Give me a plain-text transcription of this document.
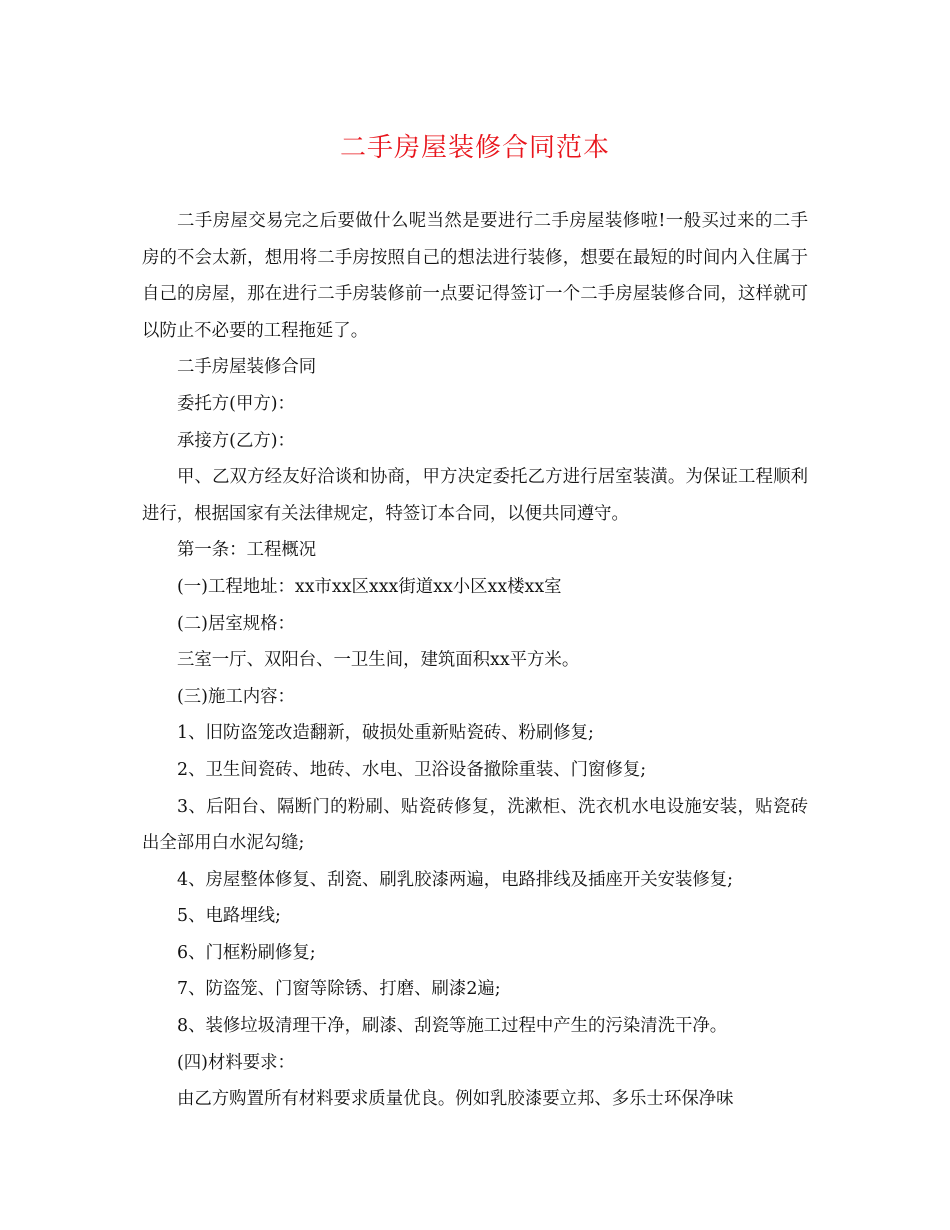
二手房屋装修合同范本

二手房屋交易完之后要做什么呢当然是要进行二手房屋装修啦!一般买过来的二手房的不会太新，想用将二手房按照自己的想法进行装修，想要在最短的时间内入住属于自己的房屋，那在进行二手房装修前一点要记得签订一个二手房屋装修合同，这样就可以防止不必要的工程拖延了。

二手房屋装修合同

委托方(甲方)：

承接方(乙方)：

甲、乙双方经友好洽谈和协商，甲方决定委托乙方进行居室装潢。为保证工程顺利进行，根据国家有关法律规定，特签订本合同，以便共同遵守。

第一条：工程概况

(一)工程地址：xx市xx区xxx街道xx小区xx楼xx室

(二)居室规格：

三室一厅、双阳台、一卫生间，建筑面积xx平方米。

(三)施工内容：

1、旧防盗笼改造翻新，破损处重新贴瓷砖、粉刷修复;

2、卫生间瓷砖、地砖、水电、卫浴设备撤除重装、门窗修复;

3、后阳台、隔断门的粉刷、贴瓷砖修复，洗漱柜、洗衣机水电设施安装，贴瓷砖出全部用白水泥勾缝;

4、房屋整体修复、刮瓷、刷乳胶漆两遍，电路排线及插座开关安装修复;

5、电路埋线;

6、门框粉刷修复;

7、防盗笼、门窗等除锈、打磨、刷漆2遍;

8、装修垃圾清理干净，刷漆、刮瓷等施工过程中产生的污染清洗干净。

(四)材料要求：

由乙方购置所有材料要求质量优良。例如乳胶漆要立邦、多乐士环保净味
